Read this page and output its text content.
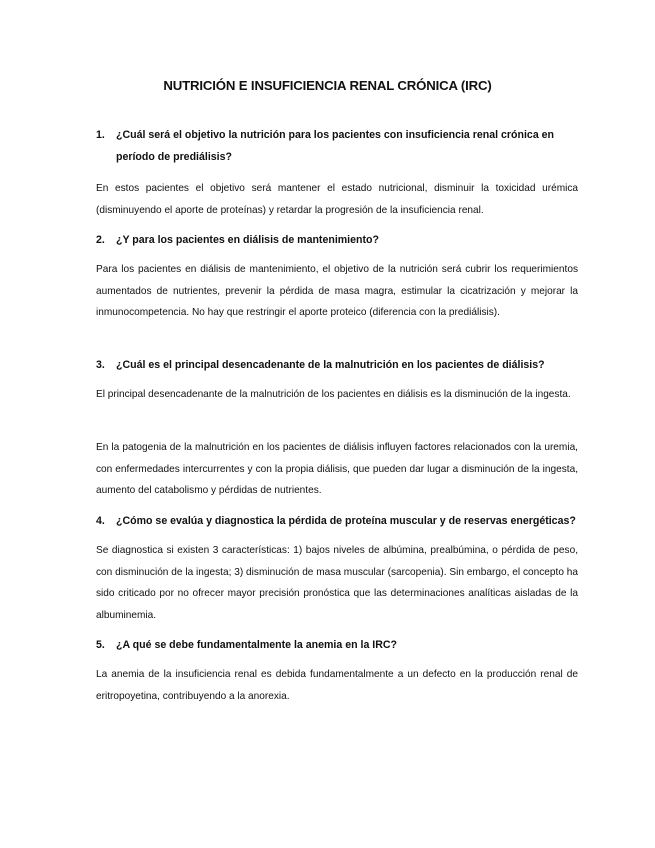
NUTRICIÓN E INSUFICIENCIA RENAL CRÓNICA (IRC)
1. ¿Cuál será el objetivo la nutrición para los pacientes con insuficiencia renal crónica en período de prediálisis?
En estos pacientes el objetivo será mantener el estado nutricional, disminuir la toxicidad urémica (disminuyendo el aporte de proteínas) y retardar la progresión de la insuficiencia renal.
2. ¿Y para los pacientes en diálisis de mantenimiento?
Para los pacientes en diálisis de mantenimiento, el objetivo de la nutrición será cubrir los requerimientos aumentados de nutrientes, prevenir la pérdida de masa magra, estimular la cicatrización y mejorar la inmunocompetencia. No hay que restringir el aporte proteico (diferencia con la prediálisis).
3. ¿Cuál es el principal desencadenante de la malnutrición en los pacientes de diálisis?
El principal desencadenante de la malnutrición de los pacientes en diálisis es la disminución de la ingesta.
En la patogenia de la malnutrición en los pacientes de diálisis influyen factores relacionados con la uremia, con enfermedades intercurrentes y con la propia diálisis, que pueden dar lugar a disminución de la ingesta, aumento del catabolismo y pérdidas de nutrientes.
4. ¿Cómo se evalúa y diagnostica la pérdida de proteína muscular y de reservas energéticas?
Se diagnostica si existen 3 características: 1) bajos niveles de albúmina, prealbúmina, o pérdida de peso, con disminución de la ingesta; 3) disminución de masa muscular (sarcopenia). Sin embargo, el concepto ha sido criticado por no ofrecer mayor precisión pronóstica que las determinaciones analíticas aisladas de la albuminemia.
5. ¿A qué se debe fundamentalmente la anemia en la IRC?
La anemia de la insuficiencia renal es debida fundamentalmente a un defecto en la producción renal de eritropoyetina, contribuyendo a la anorexia.
